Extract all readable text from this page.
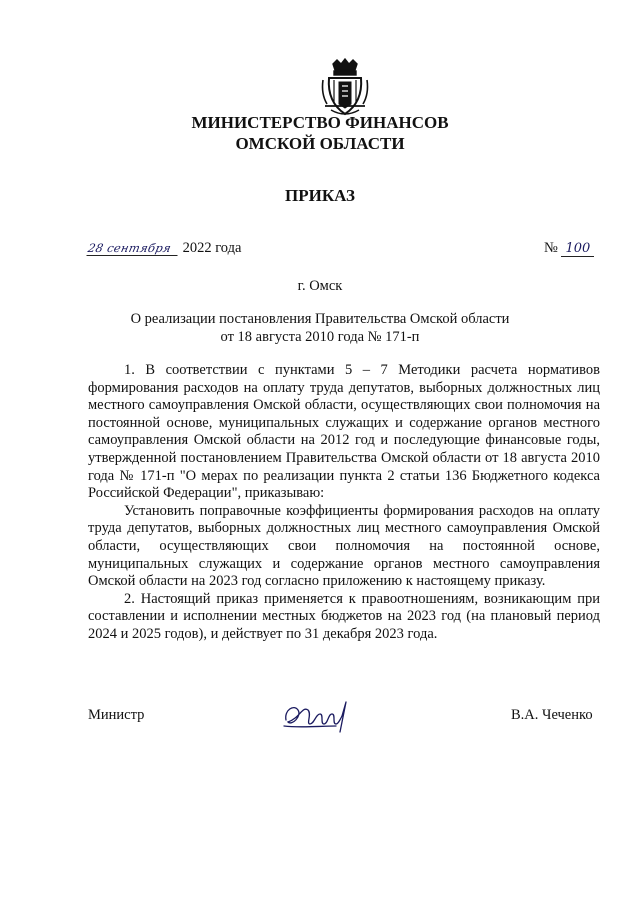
МИНИСТЕРСТВО ФИНАНСОВ
ОМСКОЙ ОБЛАСТИ
ПРИКАЗ
28 сентября 2022 года	№ 100
г. Омск
О реализации постановления Правительства Омской области
от 18 августа 2010 года № 171-п

1. В соответствии с пунктами 5 – 7 Методики расчета нормативов формирования расходов на оплату труда депутатов, выборных должностных лиц местного самоуправления Омской области, осуществляющих свои полномочия на постоянной основе, муниципальных служащих и содержание органов местного самоуправления Омской области на 2012 год и последующие финансовые годы, утвержденной постановлением Правительства Омской области от 18 августа 2010 года № 171-п "О мерах по реализации пункта 2 статьи 136 Бюджетного кодекса Российской Федерации", приказываю:

Установить поправочные коэффициенты формирования расходов на оплату труда депутатов, выборных должностных лиц местного самоуправления Омской области, осуществляющих свои полномочия на постоянной основе, муниципальных служащих и содержание органов местного самоуправления Омской области на 2023 год согласно приложению к настоящему приказу.

2. Настоящий приказ применяется к правоотношениям, возникающим при составлении и исполнении местных бюджетов на 2023 год (на плановый период 2024 и 2025 годов), и действует по 31 декабря 2023 года.

Министр	В.А. Чеченко
